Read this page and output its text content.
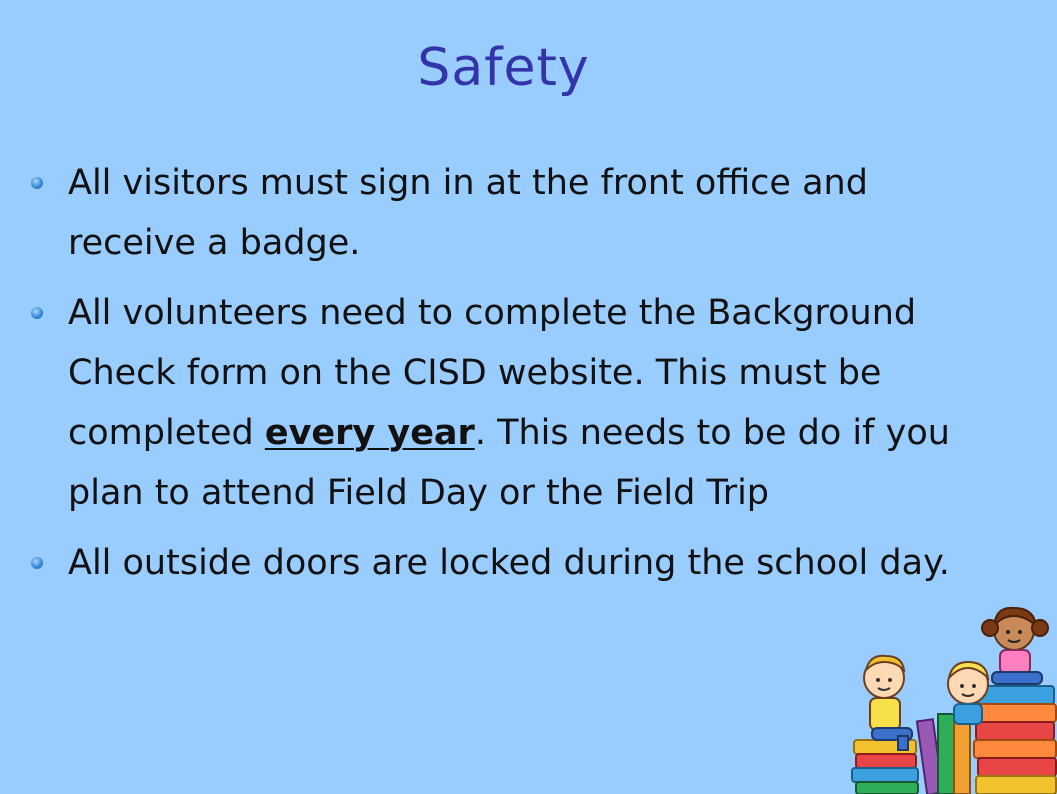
Safety
All visitors must sign in at the front office and receive a badge.
All volunteers need to complete the Background Check form on the CISD website. This must be completed every year. This needs to be do if you plan to attend Field Day or the Field Trip
All outside doors are locked during the school day.
